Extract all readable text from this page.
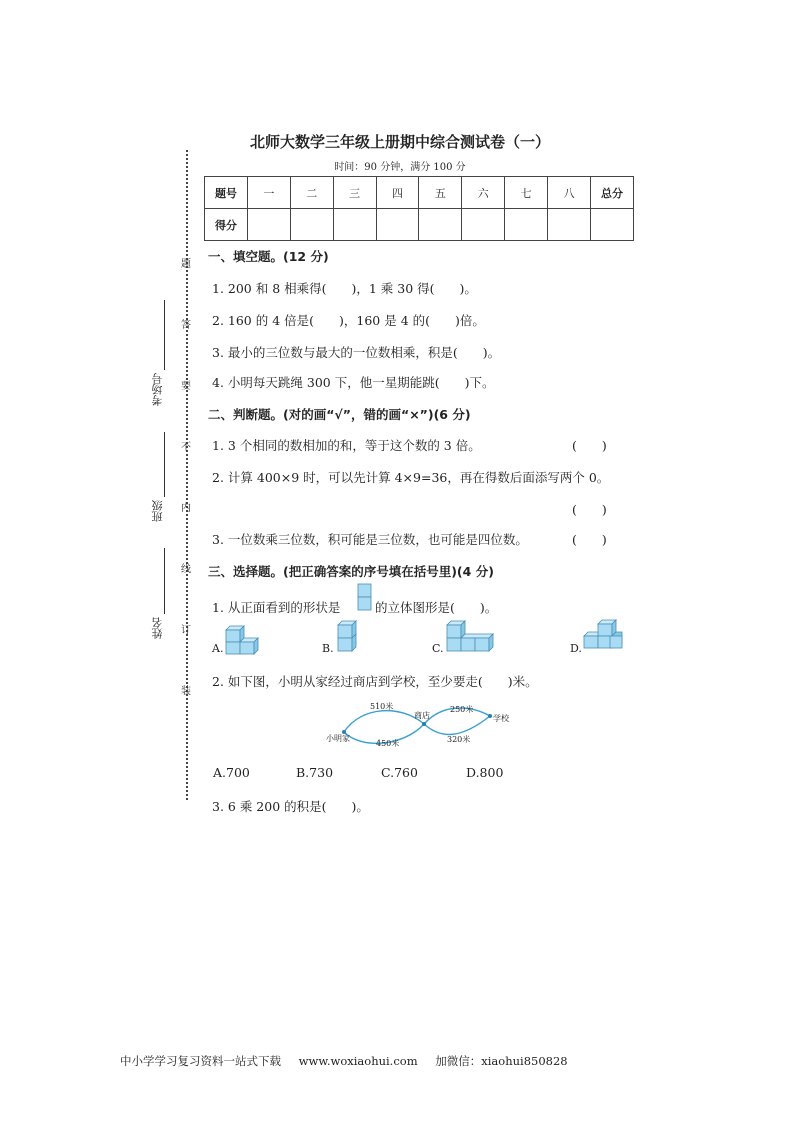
题
答
要
不
内
线
订
装
考场号
班级
姓名
北师大数学三年级上册期中综合测试卷（一）
时间：90 分钟，满分 100 分
题号	一	二	三	四	五	六	七	八	总分
得分									
一、填空题。(12 分)
1. 200 和 8 相乘得(　　)，1 乘 30 得(　　)。
2. 160 的 4 倍是(　　)，160 是 4 的(　　)倍。
3. 最小的三位数与最大的一位数相乘，积是(　　)。
4. 小明每天跳绳 300 下，他一星期能跳(　　)下。
二、判断题。(对的画“√”，错的画“×”)(6 分)
1. 3 个相同的数相加的和，等于这个数的 3 倍。	(　　)
2. 计算 400×9 时，可以先计算 4×9=36，再在得数后面添写两个 0。
(　　)
3. 一位数乘三位数，积可能是三位数，也可能是四位数。	(　　)
三、选择题。(把正确答案的序号填在括号里)(4 分)
1. 从正面看到的形状是	的立体图形是(　　)。
A.	B.	C.	D.
2. 如下图，小明从家经过商店到学校，至少要走(　　)米。
小明家
商店	学校
510米
450米
250米
320米
A.700	B.730	C.760	D.800
3. 6 乘 200 的积是(　　)。
中小学学习复习资料一站式下载 www.woxiaohui.com 加微信：xiaohui850828
